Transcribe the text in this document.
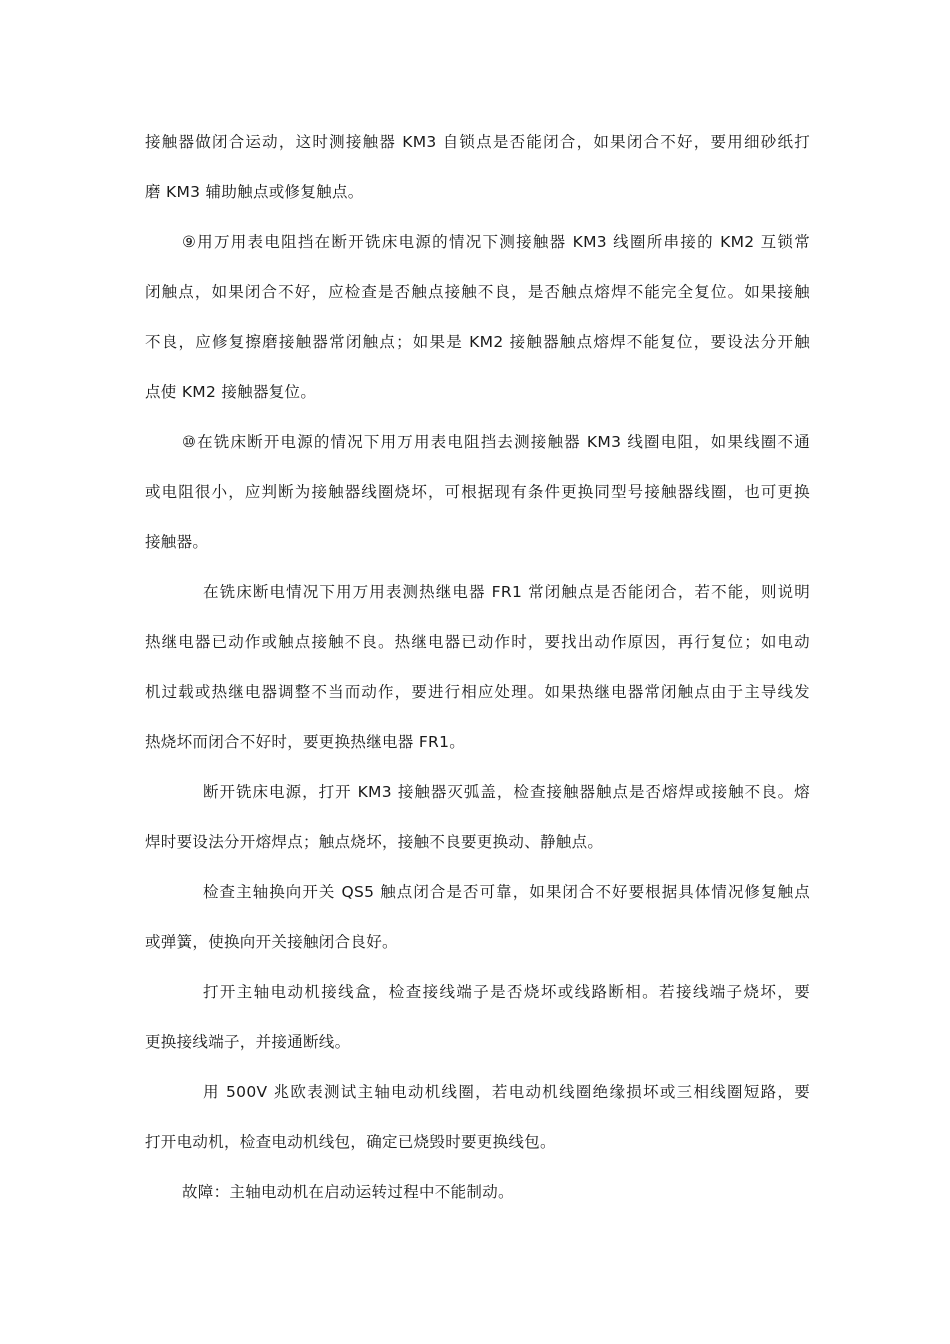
接触器做闭合运动，这时测接触器 KM3 自锁点是否能闭合，如果闭合不好，要用细砂纸打
磨 KM3 辅助触点或修复触点。
⑨用万用表电阻挡在断开铣床电源的情况下测接触器 KM3 线圈所串接的 KM2 互锁常
闭触点，如果闭合不好，应检查是否触点接触不良，是否触点熔焊不能完全复位。如果接触
不良，应修复擦磨接触器常闭触点；如果是 KM2 接触器触点熔焊不能复位，要设法分开触
点使 KM2 接触器复位。
⑩在铣床断开电源的情况下用万用表电阻挡去测接触器 KM3 线圈电阻，如果线圈不通
或电阻很小，应判断为接触器线圈烧坏，可根据现有条件更换同型号接触器线圈，也可更换
接触器。
在铣床断电情况下用万用表测热继电器 FR1 常闭触点是否能闭合，若不能，则说明
热继电器已动作或触点接触不良。热继电器已动作时，要找出动作原因，再行复位；如电动
机过载或热继电器调整不当而动作，要进行相应处理。如果热继电器常闭触点由于主导线发
热烧坏而闭合不好时，要更换热继电器 FR1。
断开铣床电源，打开 KM3 接触器灭弧盖，检查接触器触点是否熔焊或接触不良。熔
焊时要设法分开熔焊点；触点烧坏，接触不良要更换动、静触点。
检查主轴换向开关 QS5 触点闭合是否可靠，如果闭合不好要根据具体情况修复触点
或弹簧，使换向开关接触闭合良好。
打开主轴电动机接线盒，检查接线端子是否烧坏或线路断相。若接线端子烧坏，要
更换接线端子，并接通断线。
用 500V 兆欧表测试主轴电动机线圈，若电动机线圈绝缘损坏或三相线圈短路，要
打开电动机，检查电动机线包，确定已烧毁时要更换线包。
故障：主轴电动机在启动运转过程中不能制动。
